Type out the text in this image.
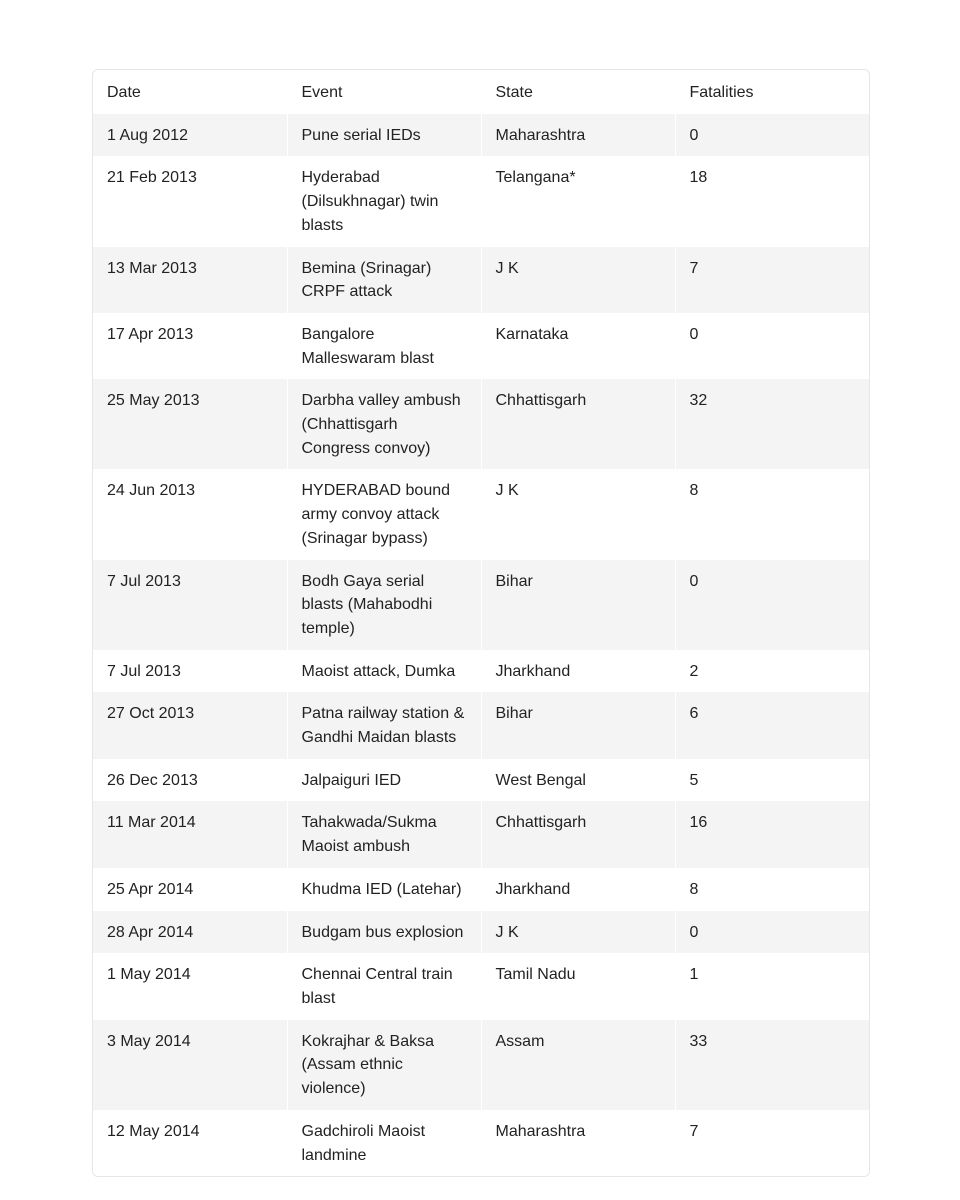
Date	Event	State	Fatalities
1 Aug 2012	Pune serial IEDs	Maharashtra	0
21 Feb 2013	Hyderabad (Dilsukhnagar) twin blasts	Telangana*	18
13 Mar 2013	Bemina (Srinagar) CRPF attack	J K	7
17 Apr 2013	Bangalore Malleswaram blast	Karnataka	0
25 May 2013	Darbha valley ambush (Chhattisgarh Congress convoy)	Chhattisgarh	32
24 Jun 2013	HYDERABAD bound army convoy attack (Srinagar bypass)	J K	8
7 Jul 2013	Bodh Gaya serial blasts (Mahabodhi temple)	Bihar	0
7 Jul 2013	Maoist attack, Dumka	Jharkhand	2
27 Oct 2013	Patna railway station & Gandhi Maidan blasts	Bihar	6
26 Dec 2013	Jalpaiguri IED	West Bengal	5
11 Mar 2014	Tahakwada/Sukma Maoist ambush	Chhattisgarh	16
25 Apr 2014	Khudma IED (Latehar)	Jharkhand	8
28 Apr 2014	Budgam bus explosion	J K	0
1 May 2014	Chennai Central train blast	Tamil Nadu	1
3 May 2014	Kokrajhar & Baksa (Assam ethnic violence)	Assam	33
12 May 2014	Gadchiroli Maoist landmine	Maharashtra	7
